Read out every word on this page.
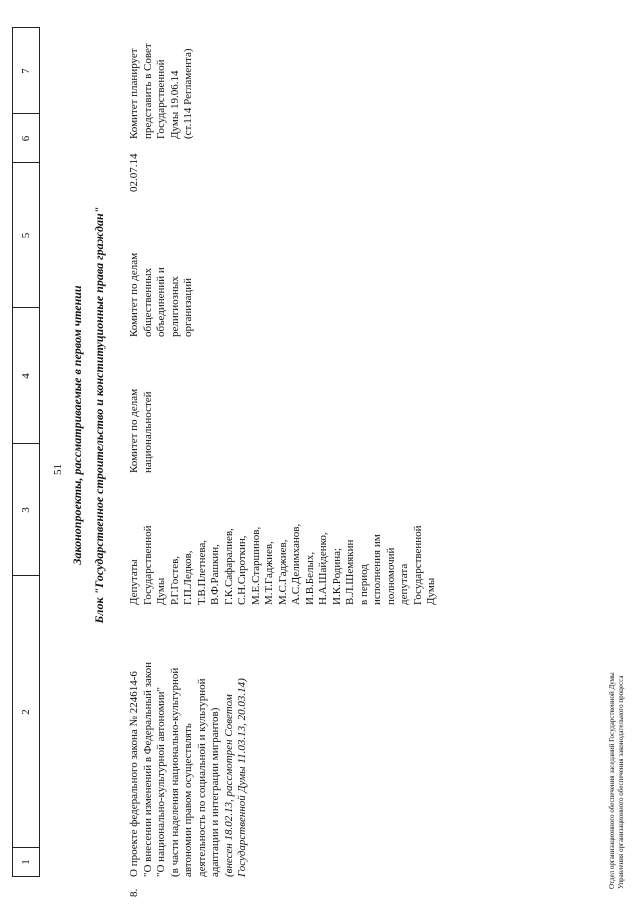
1
2
3
4
5
6
7
51 Законопроекты, рассматриваемые в первом чтении Блок "Государственное строительство и конституционные права граждан"
8.
О проекте федерального закона № 224614-6 "О внесении изменений в Федеральный закон "О национально-культурной автономии" (в части наделения национально-культурной автономии правом осуществлять деятельность по социальной и культурной адаптации и интеграции мигрантов) (внесен 18.02.13, рассмотрен Советом Государственной Думы 11.03.13, 20.03.14)
Депутаты Государственной Думы Р.Г.Гостев, Г.П.Ледков, Т.В.Плетнева, В.Ф.Рашкин, Г.К.Сафаралиев, С.Н.Сироткин, М.Е.Старшинов, М.Т.Гаджиев, М.С.Гаджиев, А.С.Делимханов, И.В.Белых, Н.А.Шайденко, И.К.Родина; В.Л.Шемякин в период исполнения им полномочий депутата Государственной Думы
Комитет по делам национальностей
Комитет по делам общественных объединений и религиозных организаций
02.07.14
Комитет планирует представить в Совет Государственной Думы 19.06.14 (ст.114 Регламента)
Отдел организационного обеспечения заседаний Государственной Думы Управления организационного обеспечения законодательного процесса
